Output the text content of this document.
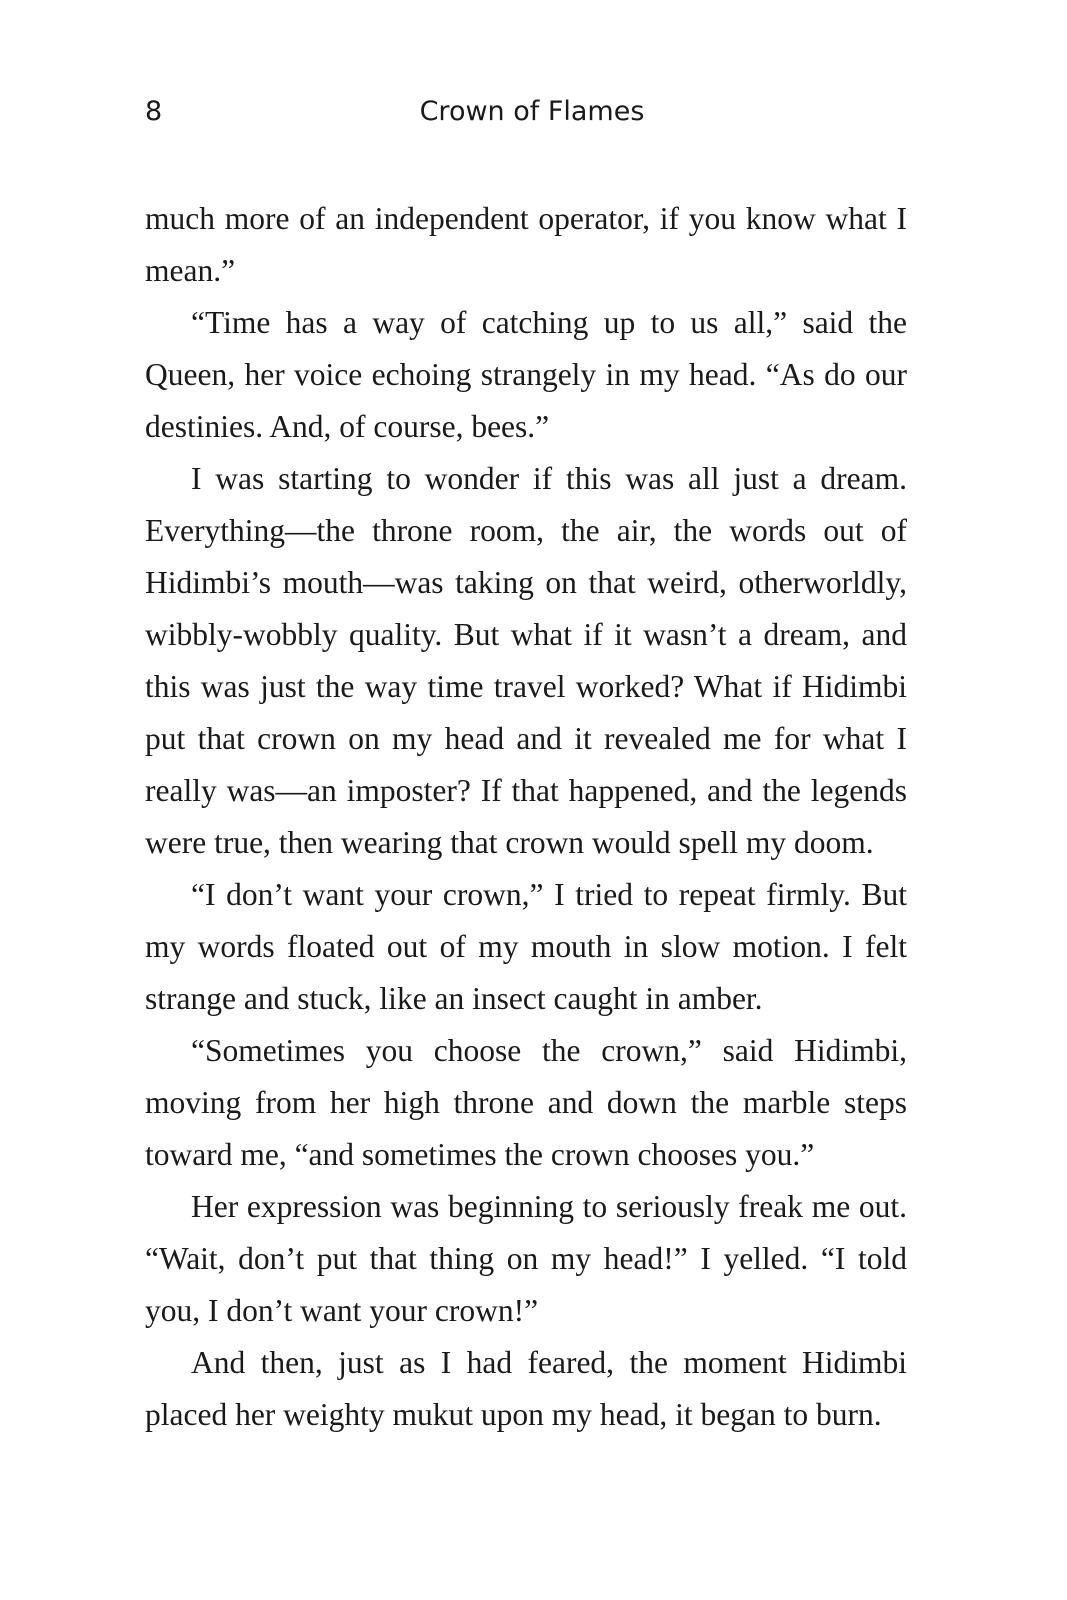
8	Crown of Flames

much more of an independent operator, if you know what I mean.”

“Time has a way of catching up to us all,” said the Queen, her voice echoing strangely in my head. “As do our destinies. And, of course, bees.”

I was starting to wonder if this was all just a dream. Everything—the throne room, the air, the words out of Hidimbi’s mouth—was taking on that weird, otherworldly, wibbly-wobbly quality. But what if it wasn’t a dream, and this was just the way time travel worked? What if Hidimbi put that crown on my head and it revealed me for what I really was—an imposter? If that happened, and the legends were true, then wearing that crown would spell my doom.

“I don’t want your crown,” I tried to repeat firmly. But my words floated out of my mouth in slow motion. I felt strange and stuck, like an insect caught in amber.

“Sometimes you choose the crown,” said Hidimbi, moving from her high throne and down the marble steps toward me, “and sometimes the crown chooses you.”

Her expression was beginning to seriously freak me out. “Wait, don’t put that thing on my head!” I yelled. “I told you, I don’t want your crown!”

And then, just as I had feared, the moment Hidimbi placed her weighty mukut upon my head, it began to burn.
